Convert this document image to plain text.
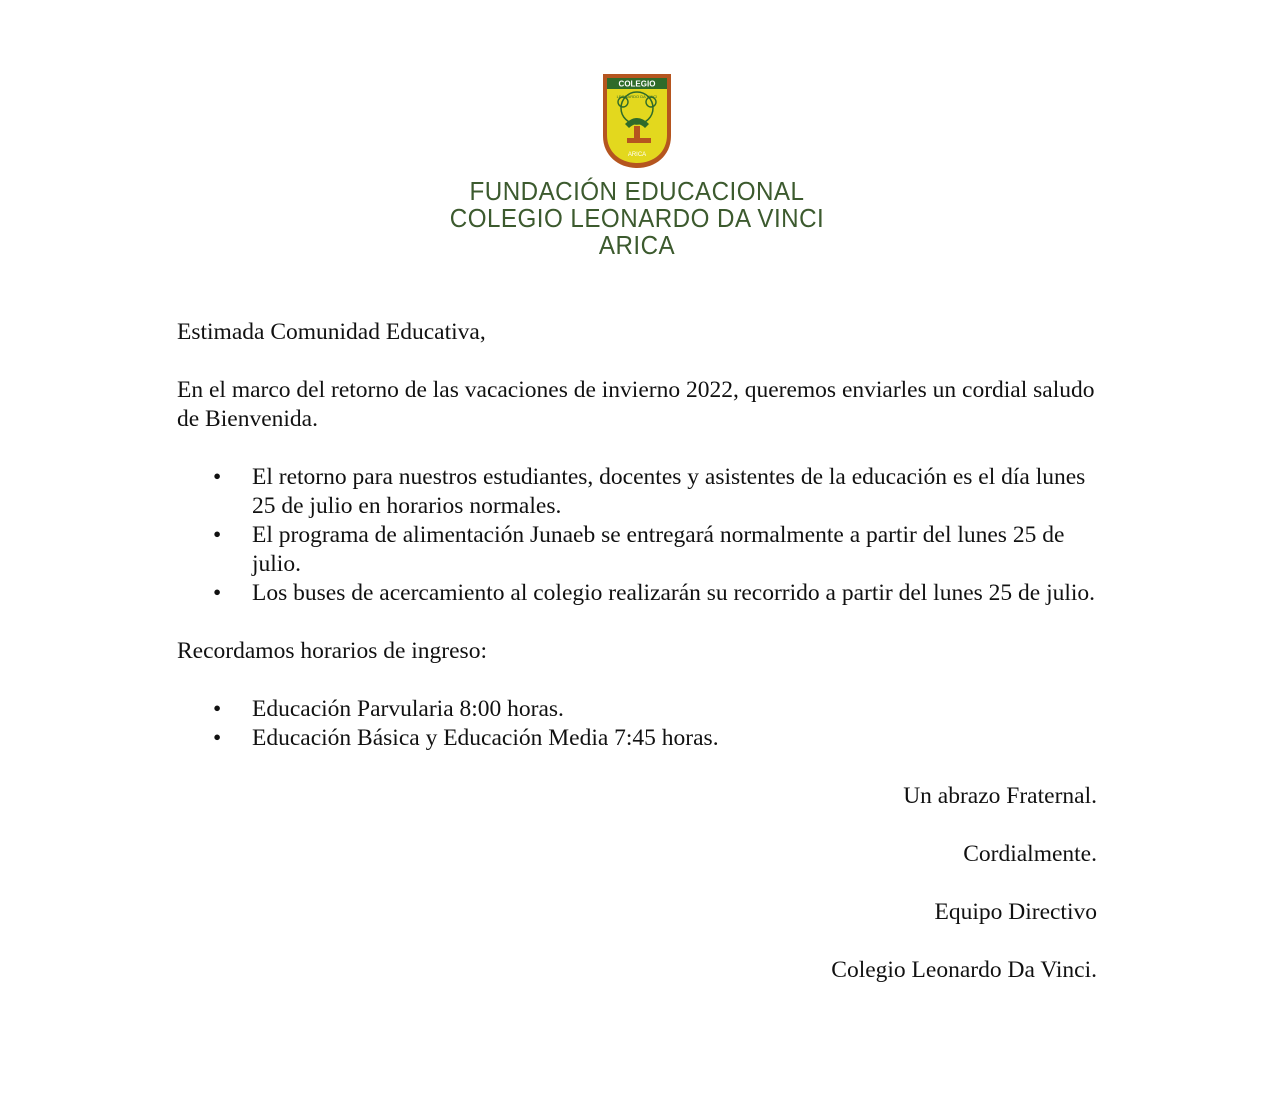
COLEGIO
LEONARDO DA VINCI
ARICA
FUNDACIÓN EDUCACIONAL
COLEGIO LEONARDO DA VINCI
ARICA

Estimada Comunidad Educativa,

En el marco del retorno de las vacaciones de invierno 2022, queremos enviarles un cordial saludo de Bienvenida.

• El retorno para nuestros estudiantes, docentes y asistentes de la educación es el día lunes 25 de julio en horarios normales.
• El programa de alimentación Junaeb se entregará normalmente a partir del lunes 25 de julio.
• Los buses de acercamiento al colegio realizarán su recorrido a partir del lunes 25 de julio.

Recordamos horarios de ingreso:

• Educación Parvularia 8:00 horas.
• Educación Básica y Educación Media 7:45 horas.

Un abrazo Fraternal.

Cordialmente.

Equipo Directivo

Colegio Leonardo Da Vinci.
